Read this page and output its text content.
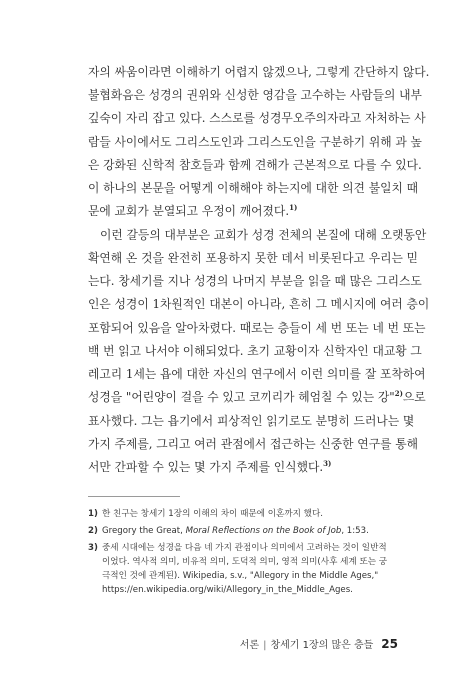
자의 싸움이라면 이해하기 어렵지 않겠으나, 그렇게 간단하지 않다.
불협화음은 성경의 권위와 신성한 영감을 고수하는 사람들의 내부
깊숙이 자리 잡고 있다. 스스로를 성경무오주의자라고 자처하는 사
람들 사이에서도 그리스도인과 그리스도인을 구분하기 위해 과 높
은 강화된 신학적 참호들과 함께 견해가 근본적으로 다를 수 있다.
이 하나의 본문을 어떻게 이해해야 하는지에 대한 의견 불일치 때
문에 교회가 분열되고 우정이 깨어졌다.$^{1)}$
이런 갈등의 대부분은 교회가 성경 전체의 본질에 대해 오랫동안
확연해 온 것을 완전히 포용하지 못한 데서 비롯된다고 우리는 믿
는다. 창세기를 지나 성경의 나머지 부분을 읽을 때 많은 그리스도
인은 성경이 1차원적인 대본이 아니라, 흔히 그 메시지에 여러 층이
포함되어 있음을 알아차렸다. 때로는 층들이 세 번 또는 네 번 또는
백 번 읽고 나서야 이해되었다. 초기 교황이자 신학자인 대교황 그
레고리 1세는 욥에 대한 자신의 연구에서 이런 의미를 잘 포착하여
성경을 "어린양이 걸을 수 있고 코끼리가 헤엄칠 수 있는 강"$^{2)}$으로
표사했다. 그는 욥기에서 피상적인 읽기로도 분명히 드러나는 몇
가지 주제를, 그리고 여러 관점에서 접근하는 신중한 연구를 통해
서만 간파할 수 있는 몇 가지 주제를 인식했다.$^{3)}$
1) 한 친구는 창세기 1장의 이해의 차이 때문에 이혼까지 했다.
2) Gregory the Great, Moral Reflections on the Book of Job, 1:53.
3) 중세 시대에는 성경을 다음 네 가지 관점이나 의미에서 고려하는 것이 일반적
이었다. 역사적 의미, 비유적 의미, 도덕적 의미, 영적 의미(사후 세계 또는 궁
극적인 것에 관계된). Wikipedia, s.v., "Allegory in the Middle Ages,"
https://en.wikipedia.org/wiki/Allegory_in_the_Middle_Ages.
서론 | 창세기 1장의 많은 층들 25
